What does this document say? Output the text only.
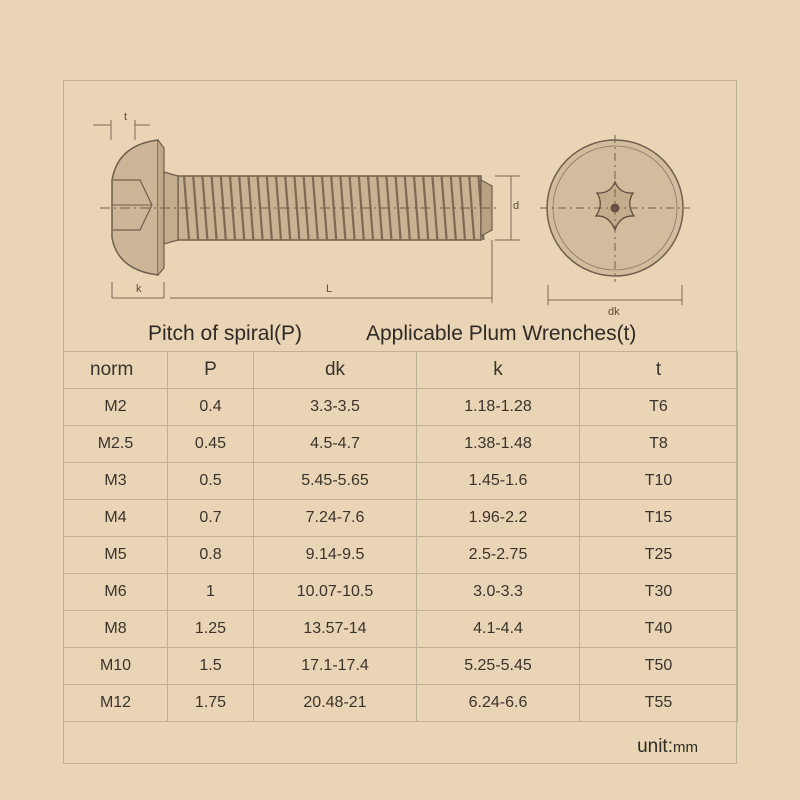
t
k	L
d
dk
Pitch of spiral(P)	Applicable Plum Wrenches(t)
norm	P	dk	k	t
M2	0.4	3.3-3.5	1.18-1.28	T6
M2.5	0.45	4.5-4.7	1.38-1.48	T8
M3	0.5	5.45-5.65	1.45-1.6	T10
M4	0.7	7.24-7.6	1.96-2.2	T15
M5	0.8	9.14-9.5	2.5-2.75	T25
M6	1	10.07-10.5	3.0-3.3	T30
M8	1.25	13.57-14	4.1-4.4	T40
M10	1.5	17.1-17.4	5.25-5.45	T50
M12	1.75	20.48-21	6.24-6.6	T55
unit:mm
